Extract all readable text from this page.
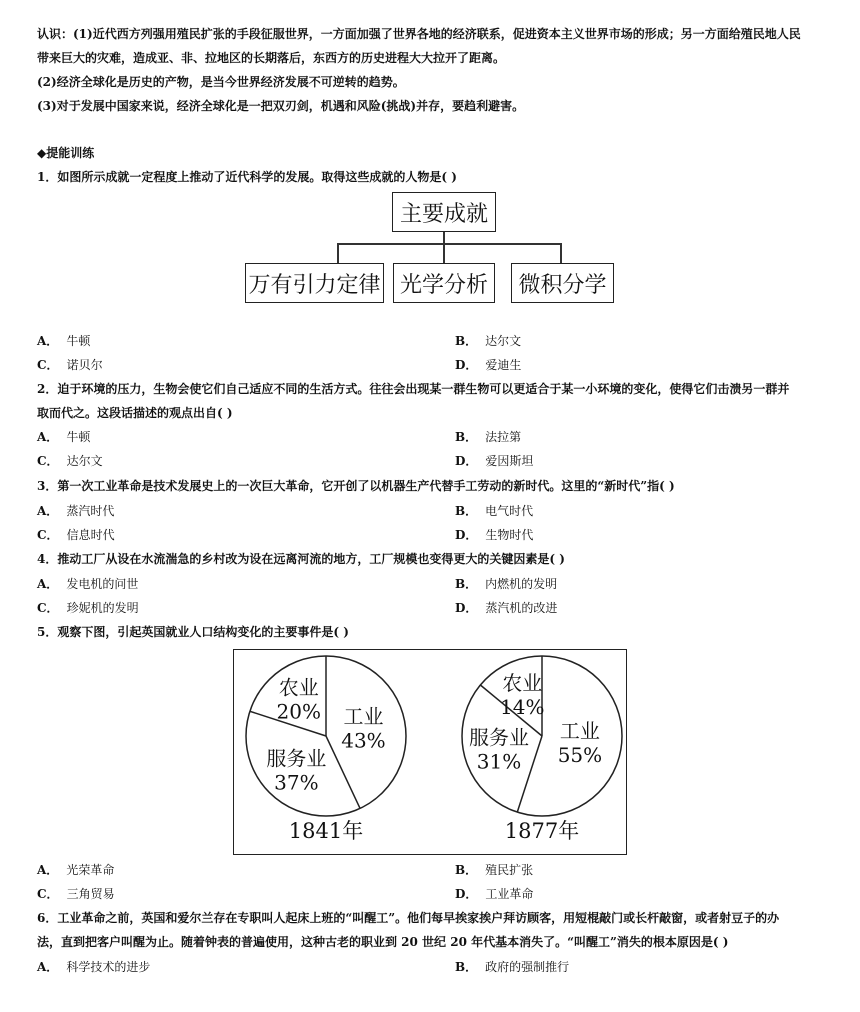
认识：(1)近代西方列强用殖民扩张的手段征服世界，一方面加强了世界各地的经济联系，促进资本主义世界市场的形成；另一方面给殖民地人民
带来巨大的灾难，造成亚、非、拉地区的长期落后，东西方的历史进程大大拉开了距离。
(2)经济全球化是历史的产物，是当今世界经济发展不可逆转的趋势。
(3)对于发展中国家来说，经济全球化是一把双刃剑，机遇和风险(挑战)并存，要趋利避害。
◆提能训练
1．如图所示成就一定程度上推动了近代科学的发展。取得这些成就的人物是( )
主要成就
万有引力定律 光学分析 微积分学
A． 牛顿	B． 达尔文
C． 诺贝尔	D． 爱迪生
2．迫于环境的压力，生物会使它们自己适应不同的生活方式。往往会出现某一群生物可以更适合于某一小环境的变化，使得它们击溃另一群并
取而代之。这段话描述的观点出自( )
A． 牛顿	B． 法拉第
C． 达尔文	D． 爱因斯坦
3．第一次工业革命是技术发展史上的一次巨大革命，它开创了以机器生产代替手工劳动的新时代。这里的“新时代”指( )
A． 蒸汽时代	B． 电气时代
C． 信息时代	D． 生物时代
4．推动工厂从设在水流湍急的乡村改为设在远离河流的地方，工厂规模也变得更大的关键因素是( )
A． 发电机的问世	B． 内燃机的发明
C． 珍妮机的发明	D． 蒸汽机的改进
5．观察下图，引起英国就业人口结构变化的主要事件是( )
工业
43%
服务业
37%
农业
20%
1841年
工业
55%
服务业
31%
农业
14%
1877年
A． 光荣革命	B． 殖民扩张
C． 三角贸易	D． 工业革命
6．工业革命之前，英国和爱尔兰存在专职叫人起床上班的“叫醒工”。他们每早挨家挨户拜访顾客，用短棍敲门或长杆敲窗，或者射豆子的办
法，直到把客户叫醒为止。随着钟表的普遍使用，这种古老的职业到 20 世纪 20 年代基本消失了。“叫醒工”消失的根本原因是( )
A． 科学技术的进步	B． 政府的强制推行
